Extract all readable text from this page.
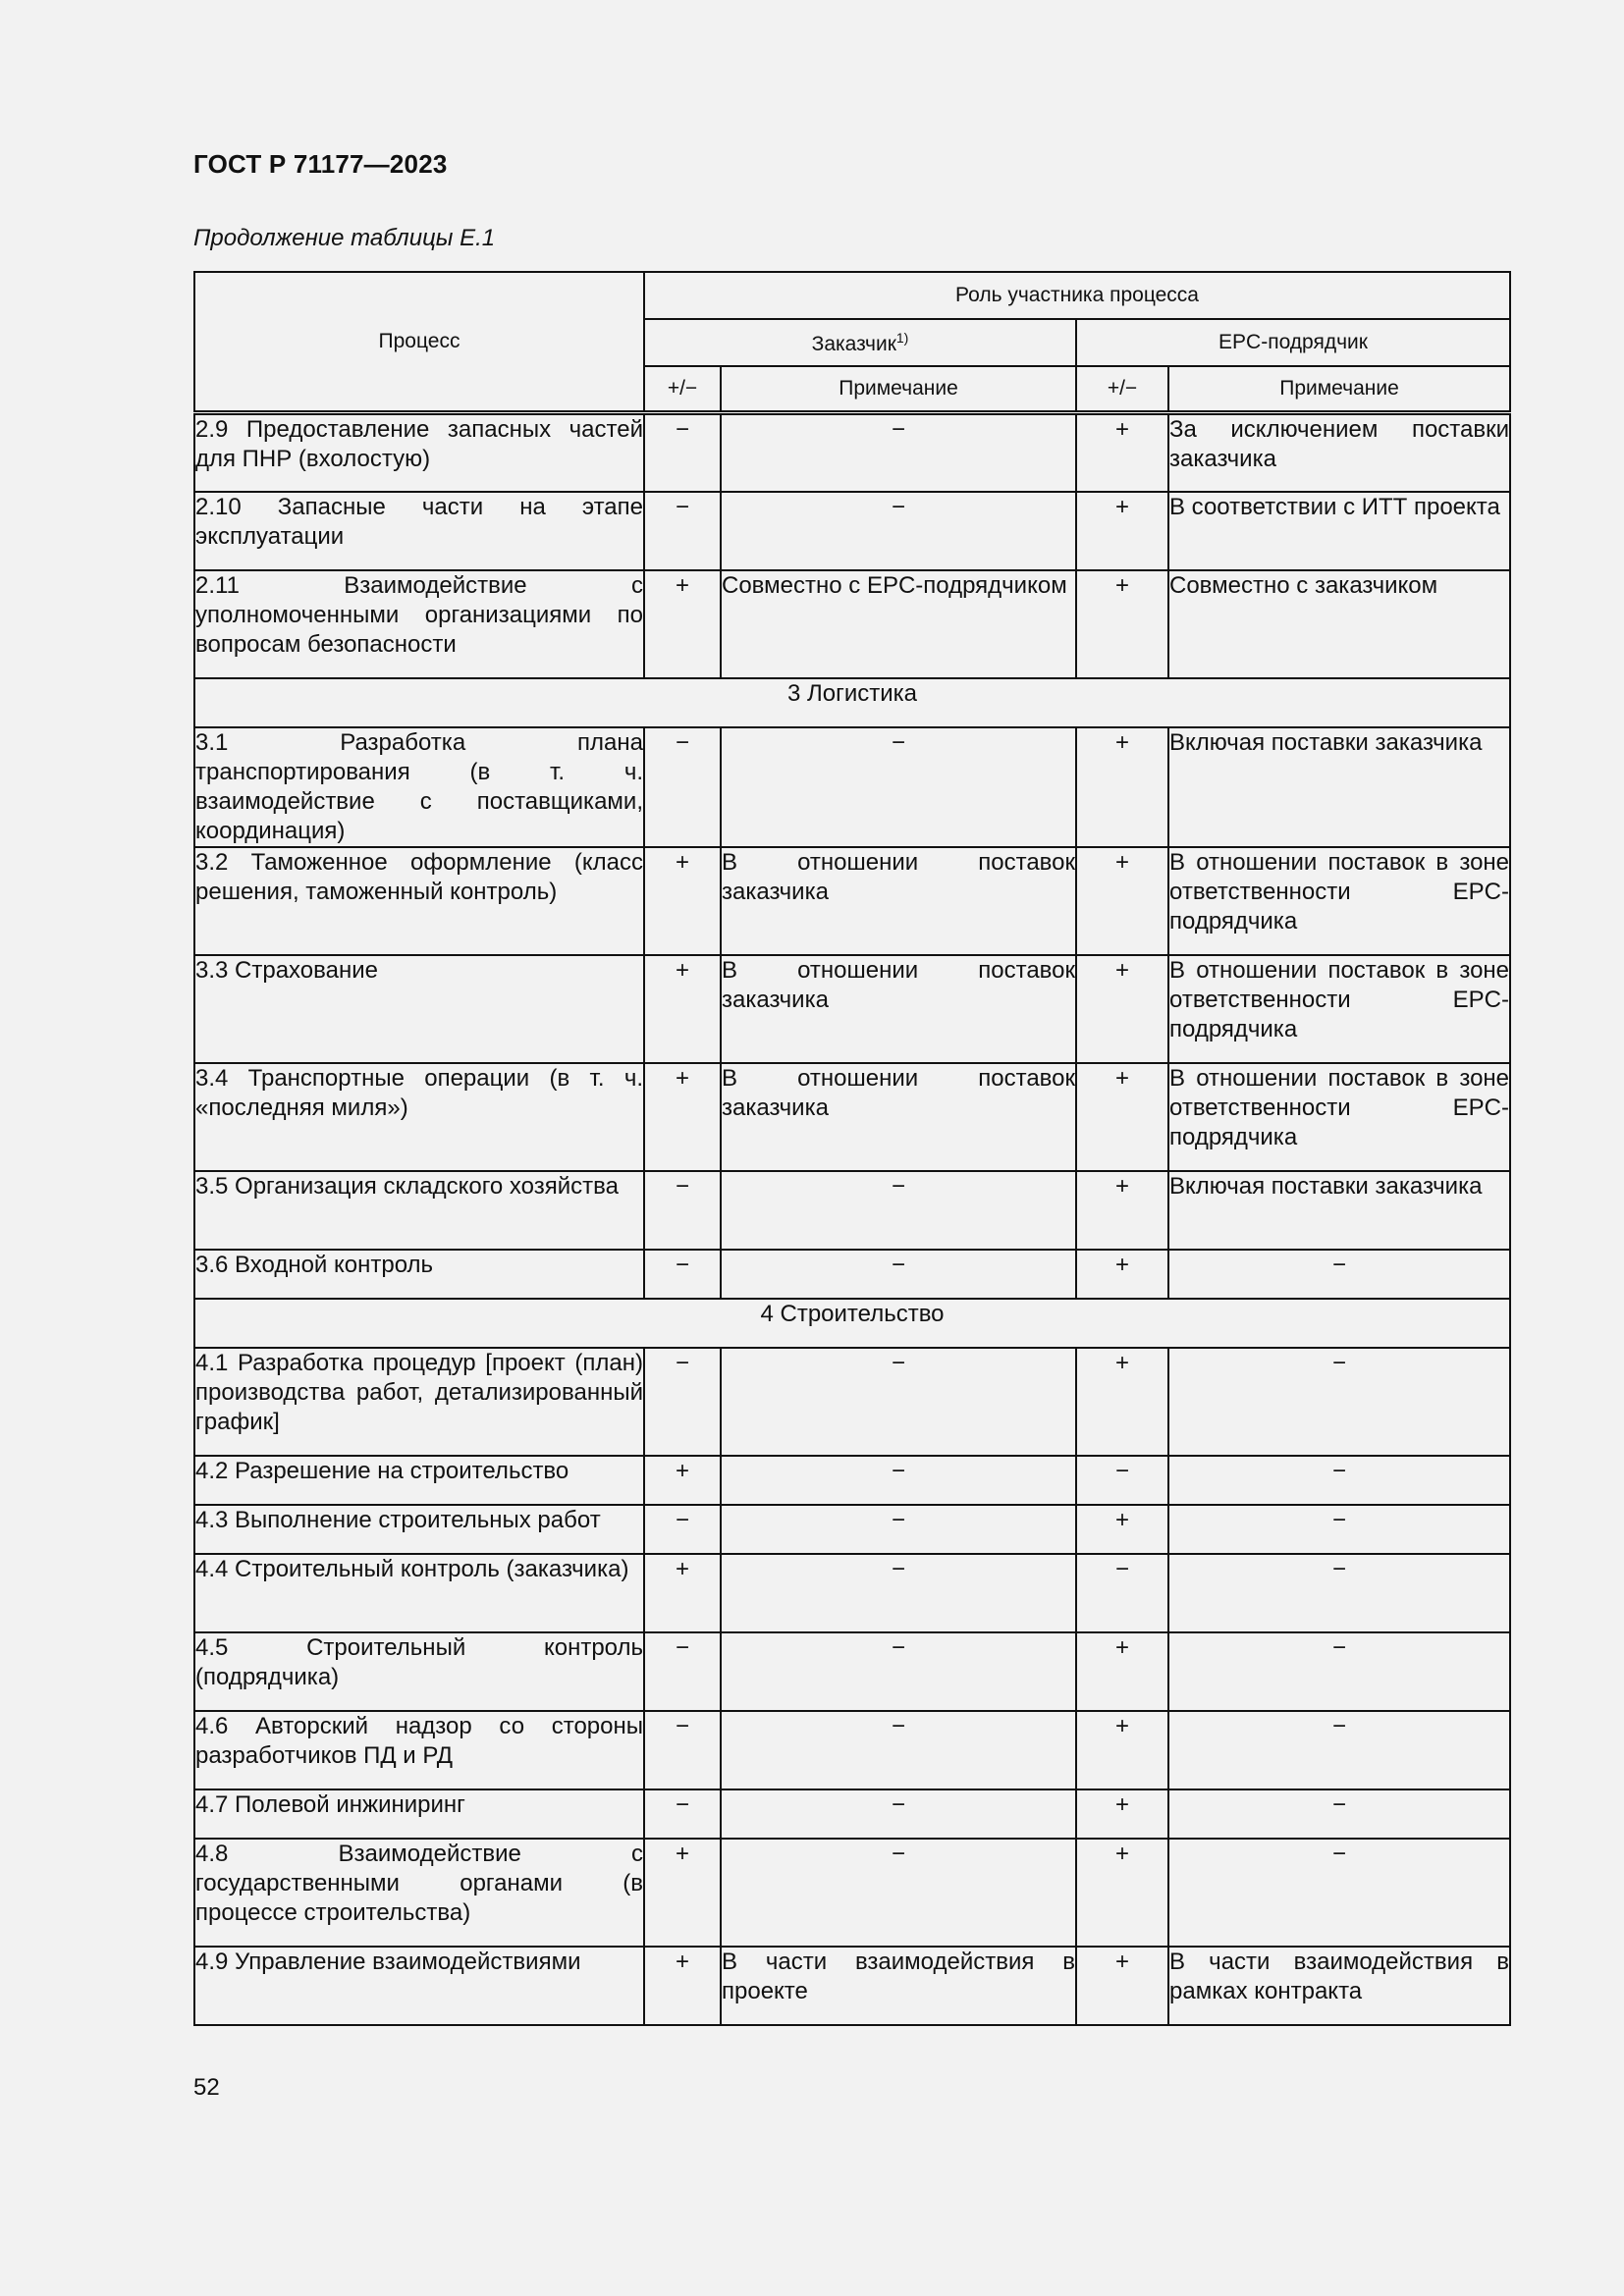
ГОСТ Р 71177—2023
Продолжение таблицы Е.1
Процесс	Роль участника процесса			
	Заказчик$^{1)}$		EPC-подрядчик	
	+/−	Примечание	+/−	Примечание
2.9 Предоставление запасных частей для ПНР (вхолостую)	−	−	+	За исключением поставки заказчика
2.10 Запасные части на этапе эксплуатации	−	−	+	В соответствии с ИТТ проекта
2.11 Взаимодействие с уполномоченными организациями по вопросам безопасности	+	Совместно с EPC-подрядчиком	+	Совместно с заказчиком
3 Логистика				
3.1 Разработка плана транспортирования (в т. ч. взаимодействие с поставщиками, координация)	−	−	+	Включая поставки заказчика
3.2 Таможенное оформление (класс решения, таможенный контроль)	+	В отношении поставок заказчика	+	В отношении поставок в зоне ответственности EPC-подрядчика
3.3 Страхование	+	В отношении поставок заказчика	+	В отношении поставок в зоне ответственности EPC-подрядчика
3.4 Транспортные операции (в т. ч. «последняя миля»)	+	В отношении поставок заказчика	+	В отношении поставок в зоне ответственности EPC-подрядчика
3.5 Организация складского хозяйства	−	−	+	Включая поставки заказчика
3.6 Входной контроль	−	−	+	−
4 Строительство				
4.1 Разработка процедур [проект (план) производства работ, детализированный график]	−	−	+	−
4.2 Разрешение на строительство	+	−	−	−
4.3 Выполнение строительных работ	−	−	+	−
4.4 Строительный контроль (заказчика)	+	−	−	−
4.5 Строительный контроль (подрядчика)	−	−	+	−
4.6 Авторский надзор со стороны разработчиков ПД и РД	−	−	+	−
4.7 Полевой инжиниринг	−	−	+	−
4.8 Взаимодействие с государственными органами (в процессе строительства)	+	−	+	−
4.9 Управление взаимодействиями	+	В части взаимодействия в проекте	+	В части взаимодействия в рамках контракта
52
